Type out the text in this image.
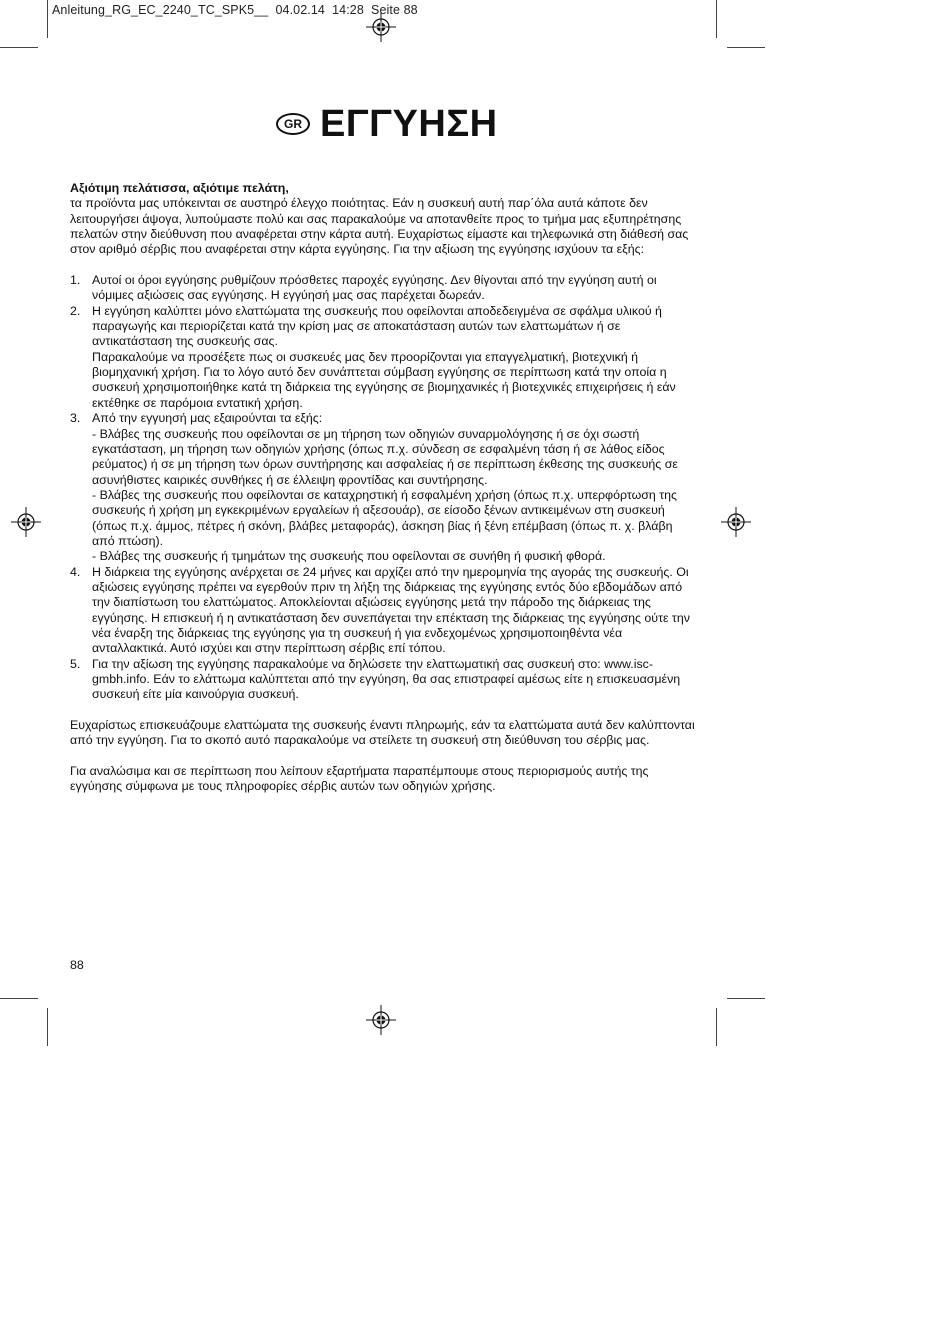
Anleitung_RG_EC_2240_TC_SPK5__  04.02.14  14:28  Seite 88
GR ΕΓΓΥΗΣΗ

Αξιότιμη πελάτισσα, αξιότιμε πελάτη,

τα προϊόντα μας υπόκεινται σε αυστηρό έλεγχο ποιότητας. Εάν η συσκευή αυτή παρ΄όλα αυτά κάποτε δεν λειτουργήσει άψογα, λυπούμαστε πολύ και σας παρακαλούμε να αποτανθείτε προς το τμήμα μας εξυπηρέτησης πελατών στην διεύθυνση που αναφέρεται στην κάρτα αυτή. Ευχαρίστως είμαστε και τηλεφωνικά στη διάθεσή σας στον αριθμό σέρβις που αναφέρεται στην κάρτα εγγύησης. Για την αξίωση της εγγύησης ισχύουν τα εξής:

1. Αυτοί οι όροι εγγύησης ρυθμίζουν πρόσθετες παροχές εγγύησης. Δεν θίγονται από την εγγύηση αυτή οι νόμιμες αξιώσεις σας εγγύησης. Η εγγύησή μας σας παρέχεται δωρεάν.

2. Η εγγύηση καλύπτει μόνο ελαττώματα της συσκευής που οφείλονται αποδεδειγμένα σε σφάλμα υλικού ή παραγωγής και περιορίζεται κατά την κρίση μας σε αποκατάσταση αυτών των ελαττωμάτων ή σε αντικατάσταση της συσκευής σας.

Παρακαλούμε να προσέξετε πως οι συσκευές μας δεν προορίζονται για επαγγελματική, βιοτεχνική ή βιομηχανική χρήση. Για το λόγο αυτό δεν συνάπτεται σύμβαση εγγύησης σε περίπτωση κατά την οποία η συσκευή χρησιμοποιήθηκε κατά τη διάρκεια της εγγύησης σε βιομηχανικές ή βιοτεχνικές επιχειρήσεις ή εάν εκτέθηκε σε παρόμοια εντατική χρήση.

3. Από την εγγυησή μας εξαιρούνται τα εξής:

- Βλάβες της συσκευής που οφείλονται σε μη τήρηση των οδηγιών συναρμολόγησης ή σε όχι σωστή εγκατάσταση, μη τήρηση των οδηγιών χρήσης (όπως π.χ. σύνδεση σε εσφαλμένη τάση ή σε λάθος είδος ρεύματος) ή σε μη τήρηση των όρων συντήρησης και ασφαλείας ή σε περίπτωση έκθεσης της συσκευής σε ασυνήθιστες καιρικές συνθήκες ή σε έλλειψη φροντίδας και συντήρησης.

- Βλάβες της συσκευής που οφείλονται σε καταχρηστική ή εσφαλμένη χρήση (όπως π.χ. υπερφόρτωση της συσκευής ή χρήση μη εγκεκριμένων εργαλείων ή αξεσουάρ), σε είσοδο ξένων αντικειμένων στη συσκευή (όπως π.χ. άμμος, πέτρες ή σκόνη, βλάβες μεταφοράς), άσκηση βίας ή ξένη επέμβαση (όπως π. χ. βλάβη από πτώση).

- Βλάβες της συσκευής ή τμημάτων της συσκευής που οφείλονται σε συνήθη ή φυσική φθορά.

4. Η διάρκεια της εγγύησης ανέρχεται σε 24 μήνες και αρχίζει από την ημερομηνία της αγοράς της συσκευής. Οι αξιώσεις εγγύησης πρέπει να εγερθούν πριν τη λήξη της διάρκειας της εγγύησης εντός δύο εβδομάδων από την διαπίστωση του ελαττώματος. Αποκλείονται αξιώσεις εγγύησης μετά την πάροδο της διάρκειας της εγγύησης. Η επισκευή ή η αντικατάσταση δεν συνεπάγεται την επέκταση της διάρκειας της εγγύησης ούτε την νέα έναρξη της διάρκειας της εγγύησης για τη συσκευή ή για ενδεχομένως χρησιμοποιηθέντα νέα ανταλλακτικά. Αυτό ισχύει και στην περίπτωση σέρβις επί τόπου.

5. Για την αξίωση της εγγύησης παρακαλούμε να δηλώσετε την ελαττωματική σας συσκευή στο: www.isc-gmbh.info. Εάν το ελάττωμα καλύπτεται από την εγγύηση, θα σας επιστραφεί αμέσως είτε η επισκευασμένη συσκευή είτε μία καινούργια συσκευή.

Ευχαρίστως επισκευάζουμε ελαττώματα της συσκευής έναντι πληρωμής, εάν τα ελαττώματα αυτά δεν καλύπτονται από την εγγύηση. Για το σκοπό αυτό παρακαλούμε να στείλετε τη συσκευή στη διεύθυνση του σέρβις μας.

Για αναλώσιμα και σε περίπτωση που λείπουν εξαρτήματα παραπέμπουμε στους περιορισμούς αυτής της εγγύησης σύμφωνα με τους πληροφορίες σέρβις αυτών των οδηγιών χρήσης.

88
